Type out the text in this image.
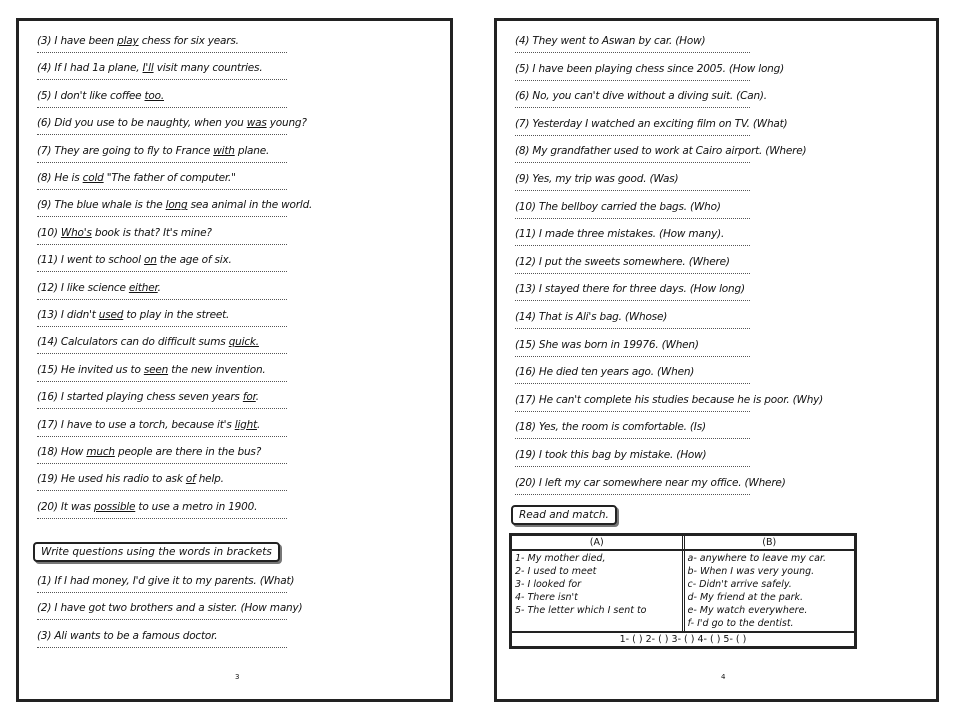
(3) I have been play chess for six years.
(4) If I had 1a plane, I'll visit many countries.
(5) I don't like coffee too.
(6) Did you use to be naughty, when you was young?
(7) They are going to fly to France with plane.
(8) He is cold "The father of computer."
(9) The blue whale is the long sea animal in the world.
(10) Who's book is that? It's mine?
(11) I went to school on the age of six.
(12) I like science either.
(13) I didn't used to play in the street.
(14) Calculators can do difficult sums quick.
(15) He invited us to seen the new invention.
(16) I started playing chess seven years for.
(17) I have to use a torch, because it's light.
(18) How much people are there in the bus?
(19) He used his radio to ask of help.
(20) It was possible to use a metro in 1900.
Write questions using the words in brackets
(1) If I had money, I'd give it to my parents. (What)
(2) I have got two brothers and a sister. (How many)
(3) Ali wants to be a famous doctor.
3
(4) They went to Aswan by car. (How)
(5) I have been playing chess since 2005. (How long)
(6) No, you can't dive without a diving suit. (Can).
(7) Yesterday I watched an exciting film on TV. (What)
(8) My grandfather used to work at Cairo airport. (Where)
(9) Yes, my trip was good. (Was)
(10) The bellboy carried the bags. (Who)
(11) I made three mistakes. (How many).
(12) I put the sweets somewhere. (Where)
(13) I stayed there for three days. (How long)
(14) That is Ali's bag. (Whose)
(15) She was born in 19976. (When)
(16) He died ten years ago. (When)
(17) He can't complete his studies because he is poor. (Why)
(18) Yes, the room is comfortable. (Is)
(19) I took this bag by mistake. (How)
(20) I left my car somewhere near my office. (Where)
Read and match.
(A)	(B)
1- My mother died,
2- I used to meet
3- I looked for
4- There isn't
5- The letter which I sent to
a- anywhere to leave my car.
b- When I was very young.
c- Didn't arrive safely.
d- My friend at the park.
e- My watch everywhere.
f- I'd go to the dentist.
1- ( ) 2- ( ) 3- ( ) 4- ( ) 5- ( )
4
